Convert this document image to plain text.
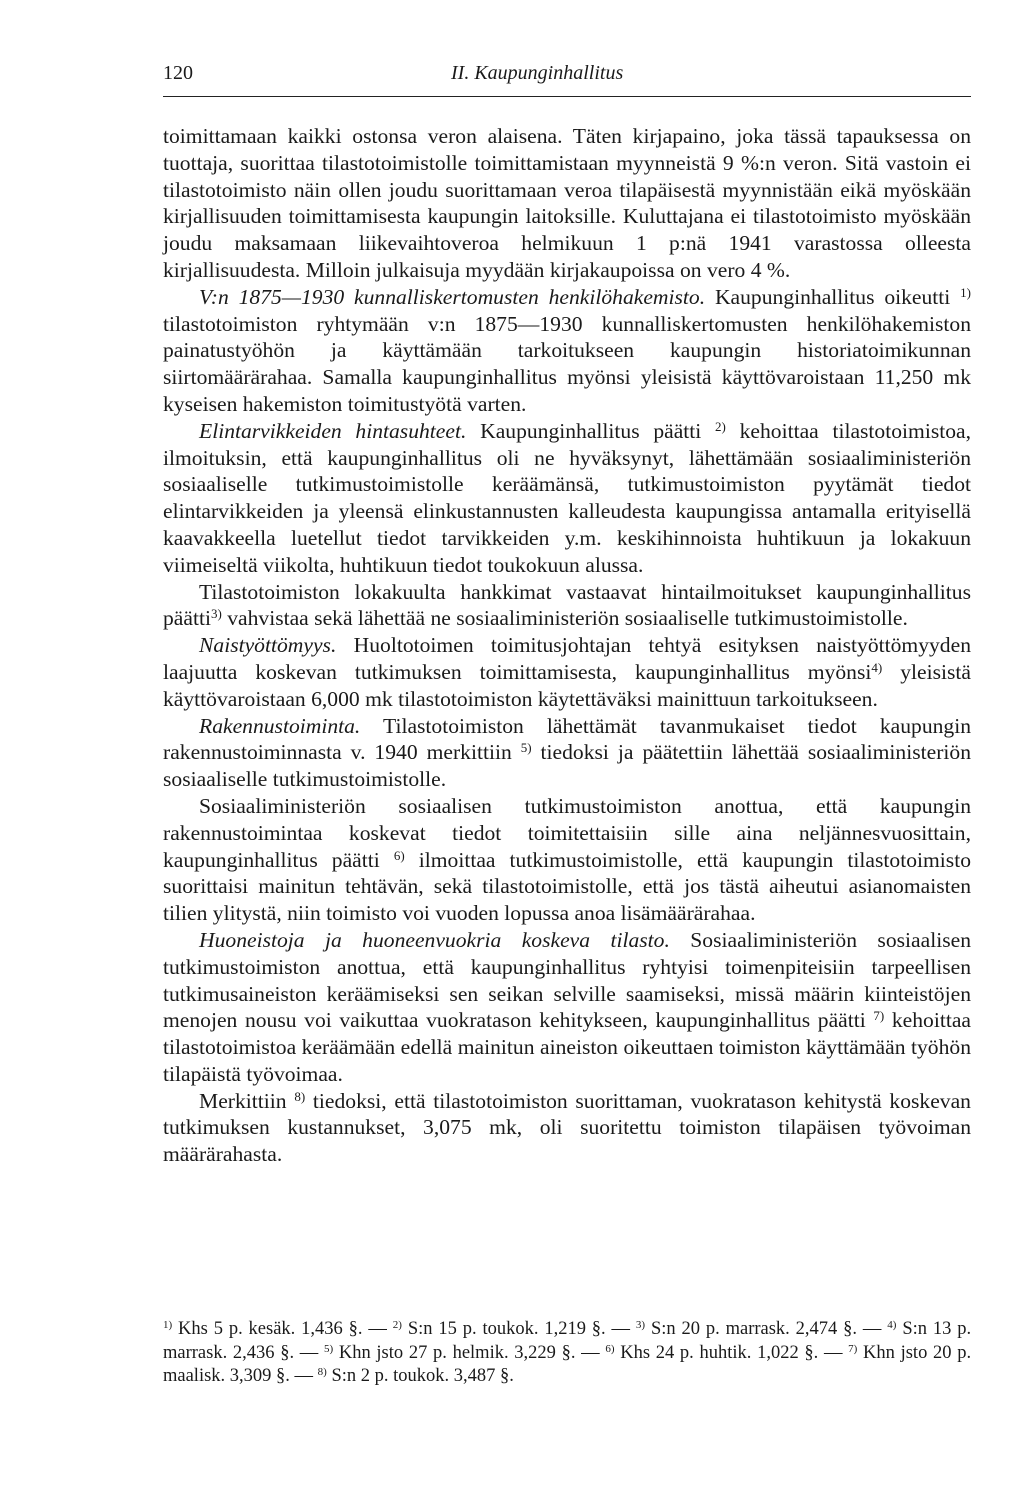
120	II. Kaupunginhallitus

toimittamaan kaikki ostonsa veron alaisena. Täten kirjapaino, joka tässä tapauksessa on tuottaja, suorittaa tilastotoimistolle toimittamistaan myynneistä 9 %:n veron. Sitä vastoin ei tilastotoimisto näin ollen joudu suorittamaan veroa tilapäisestä myynnistään eikä myöskään kirjallisuuden toimittamisesta kaupungin laitoksille. Kuluttajana ei tilastotoimisto myöskään joudu maksamaan liikevaihtoveroa helmikuun 1 p:nä 1941 varastossa olleesta kirjallisuudesta. Milloin julkaisuja myydään kirjakaupoissa on vero 4 %.

V:n 1875—1930 kunnalliskertomusten henkilöhakemisto. Kaupunginhallitus oikeutti $^{1)}$ tilastotoimiston ryhtymään v:n 1875—1930 kunnalliskertomusten henkilöhakemiston painatustyöhön ja käyttämään tarkoitukseen kaupungin historiatoimikunnan siirtomäärärahaa. Samalla kaupunginhallitus myönsi yleisistä käyttövaroistaan 11,250 mk kyseisen hakemiston toimitustyötä varten.

Elintarvikkeiden hintasuhteet. Kaupunginhallitus päätti $^{2)}$ kehoittaa tilastotoimistoa, ilmoituksin, että kaupunginhallitus oli ne hyväksynyt, lähettämään sosiaaliministeriön sosiaaliselle tutkimustoimistolle keräämänsä, tutkimustoimiston pyytämät tiedot elintarvikkeiden ja yleensä elinkustannusten kalleudesta kaupungissa antamalla erityisellä kaavakkeella luetellut tiedot tarvikkeiden y.m. keskihinnoista huhtikuun ja lokakuun viimeiseltä viikolta, huhtikuun tiedot toukokuun alussa.

Tilastotoimiston lokakuulta hankkimat vastaavat hintailmoitukset kaupunginhallitus päätti$^{3)}$ vahvistaa sekä lähettää ne sosiaaliministeriön sosiaaliselle tutkimustoimistolle.

Naistyöttömyys. Huoltotoimen toimitusjohtajan tehtyä esityksen naistyöttömyyden laajuutta koskevan tutkimuksen toimittamisesta, kaupunginhallitus myönsi$^{4)}$ yleisistä käyttövaroistaan 6,000 mk tilastotoimiston käytettäväksi mainittuun tarkoitukseen.

Rakennustoiminta. Tilastotoimiston lähettämät tavanmukaiset tiedot kaupungin rakennustoiminnasta v. 1940 merkittiin $^{5)}$ tiedoksi ja päätettiin lähettää sosiaaliministeriön sosiaaliselle tutkimustoimistolle.

Sosiaaliministeriön sosiaalisen tutkimustoimiston anottua, että kaupungin rakennustoimintaa koskevat tiedot toimitettaisiin sille aina neljännesvuosittain, kaupunginhallitus päätti $^{6)}$ ilmoittaa tutkimustoimistolle, että kaupungin tilastotoimisto suorittaisi mainitun tehtävän, sekä tilastotoimistolle, että jos tästä aiheutui asianomaisten tilien ylitystä, niin toimisto voi vuoden lopussa anoa lisämäärärahaa.

Huoneistoja ja huoneenvuokria koskeva tilasto. Sosiaaliministeriön sosiaalisen tutkimustoimiston anottua, että kaupunginhallitus ryhtyisi toimenpiteisiin tarpeellisen tutkimusaineiston keräämiseksi sen seikan selville saamiseksi, missä määrin kiinteistöjen menojen nousu voi vaikuttaa vuokratason kehitykseen, kaupunginhallitus päätti $^{7)}$ kehoittaa tilastotoimistoa keräämään edellä mainitun aineiston oikeuttaen toimiston käyttämään työhön tilapäistä työvoimaa.

Merkittiin $^{8)}$ tiedoksi, että tilastotoimiston suorittaman, vuokratason kehitystä koskevan tutkimuksen kustannukset, 3,075 mk, oli suoritettu toimiston tilapäisen työvoiman määrärahasta.

$^{1)}$ Khs 5 p. kesäk. 1,436 §. — $^{2)}$ S:n 15 p. toukok. 1,219 §. — $^{3)}$ S:n 20 p. marrask. 2,474 §. — $^{4)}$ S:n 13 p. marrask. 2,436 §. — $^{5)}$ Khn jsto 27 p. helmik. 3,229 §. — $^{6)}$ Khs 24 p. huhtik. 1,022 §. — $^{7)}$ Khn jsto 20 p. maalisk. 3,309 §. — $^{8)}$ S:n 2 p. toukok. 3,487 §.
